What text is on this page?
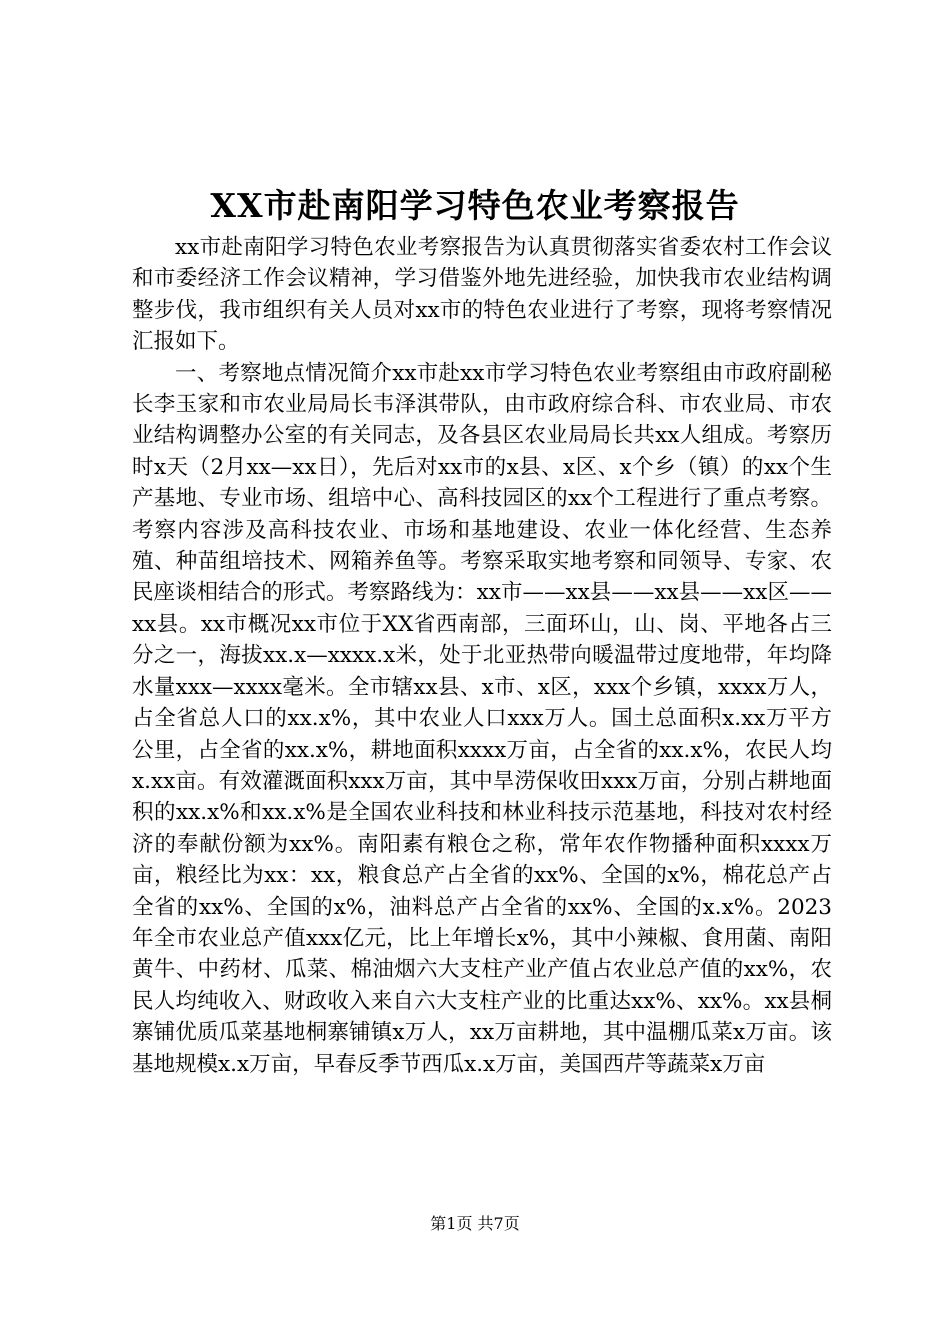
XX市赴南阳学习特色农业考察报告

xx市赴南阳学习特色农业考察报告为认真贯彻落实省委农村工作会议和市委经济工作会议精神，学习借鉴外地先进经验，加快我市农业结构调整步伐，我市组织有关人员对xx市的特色农业进行了考察，现将考察情况汇报如下。

一、考察地点情况简介xx市赴xx市学习特色农业考察组由市政府副秘长李玉家和市农业局局长韦泽淇带队，由市政府综合科、市农业局、市农业结构调整办公室的有关同志，及各县区农业局局长共xx人组成。考察历时x天（2月xx—xx日），先后对xx市的x县、x区、x个乡（镇）的xx个生产基地、专业市场、组培中心、高科技园区的xx个工程进行了重点考察。考察内容涉及高科技农业、市场和基地建设、农业一体化经营、生态养殖、种苗组培技术、网箱养鱼等。考察采取实地考察和同领导、专家、农民座谈相结合的形式。考察路线为：xx市——xx县——xx县——xx区——xx县。xx市概况xx市位于XX省西南部，三面环山，山、岗、平地各占三分之一，海拔xx.x—xxxx.x米，处于北亚热带向暖温带过度地带，年均降水量xxx—xxxx毫米。全市辖xx县、x市、x区，xxx个乡镇，xxxx万人，占全省总人口的xx.x%，其中农业人口xxx万人。国土总面积x.xx万平方公里，占全省的xx.x%，耕地面积xxxx万亩，占全省的xx.x%，农民人均x.xx亩。有效灌溉面积xxx万亩，其中旱涝保收田xxx万亩，分别占耕地面积的xx.x%和xx.x%是全国农业科技和林业科技示范基地，科技对农村经济的奉献份额为xx%。南阳素有粮仓之称，常年农作物播种面积xxxx万亩，粮经比为xx：xx，粮食总产占全省的xx%、全国的x%，棉花总产占全省的xx%、全国的x%，油料总产占全省的xx%、全国的x.x%。2023年全市农业总产值xxx亿元，比上年增长x%，其中小辣椒、食用菌、南阳黄牛、中药材、瓜菜、棉油烟六大支柱产业产值占农业总产值的xx%，农民人均纯收入、财政收入来自六大支柱产业的比重达xx%、xx%。xx县桐寨铺优质瓜菜基地桐寨铺镇x万人，xx万亩耕地，其中温棚瓜菜x万亩。该基地规模x.x万亩，早春反季节西瓜x.x万亩，美国西芹等蔬菜x万亩

第1页 共7页
